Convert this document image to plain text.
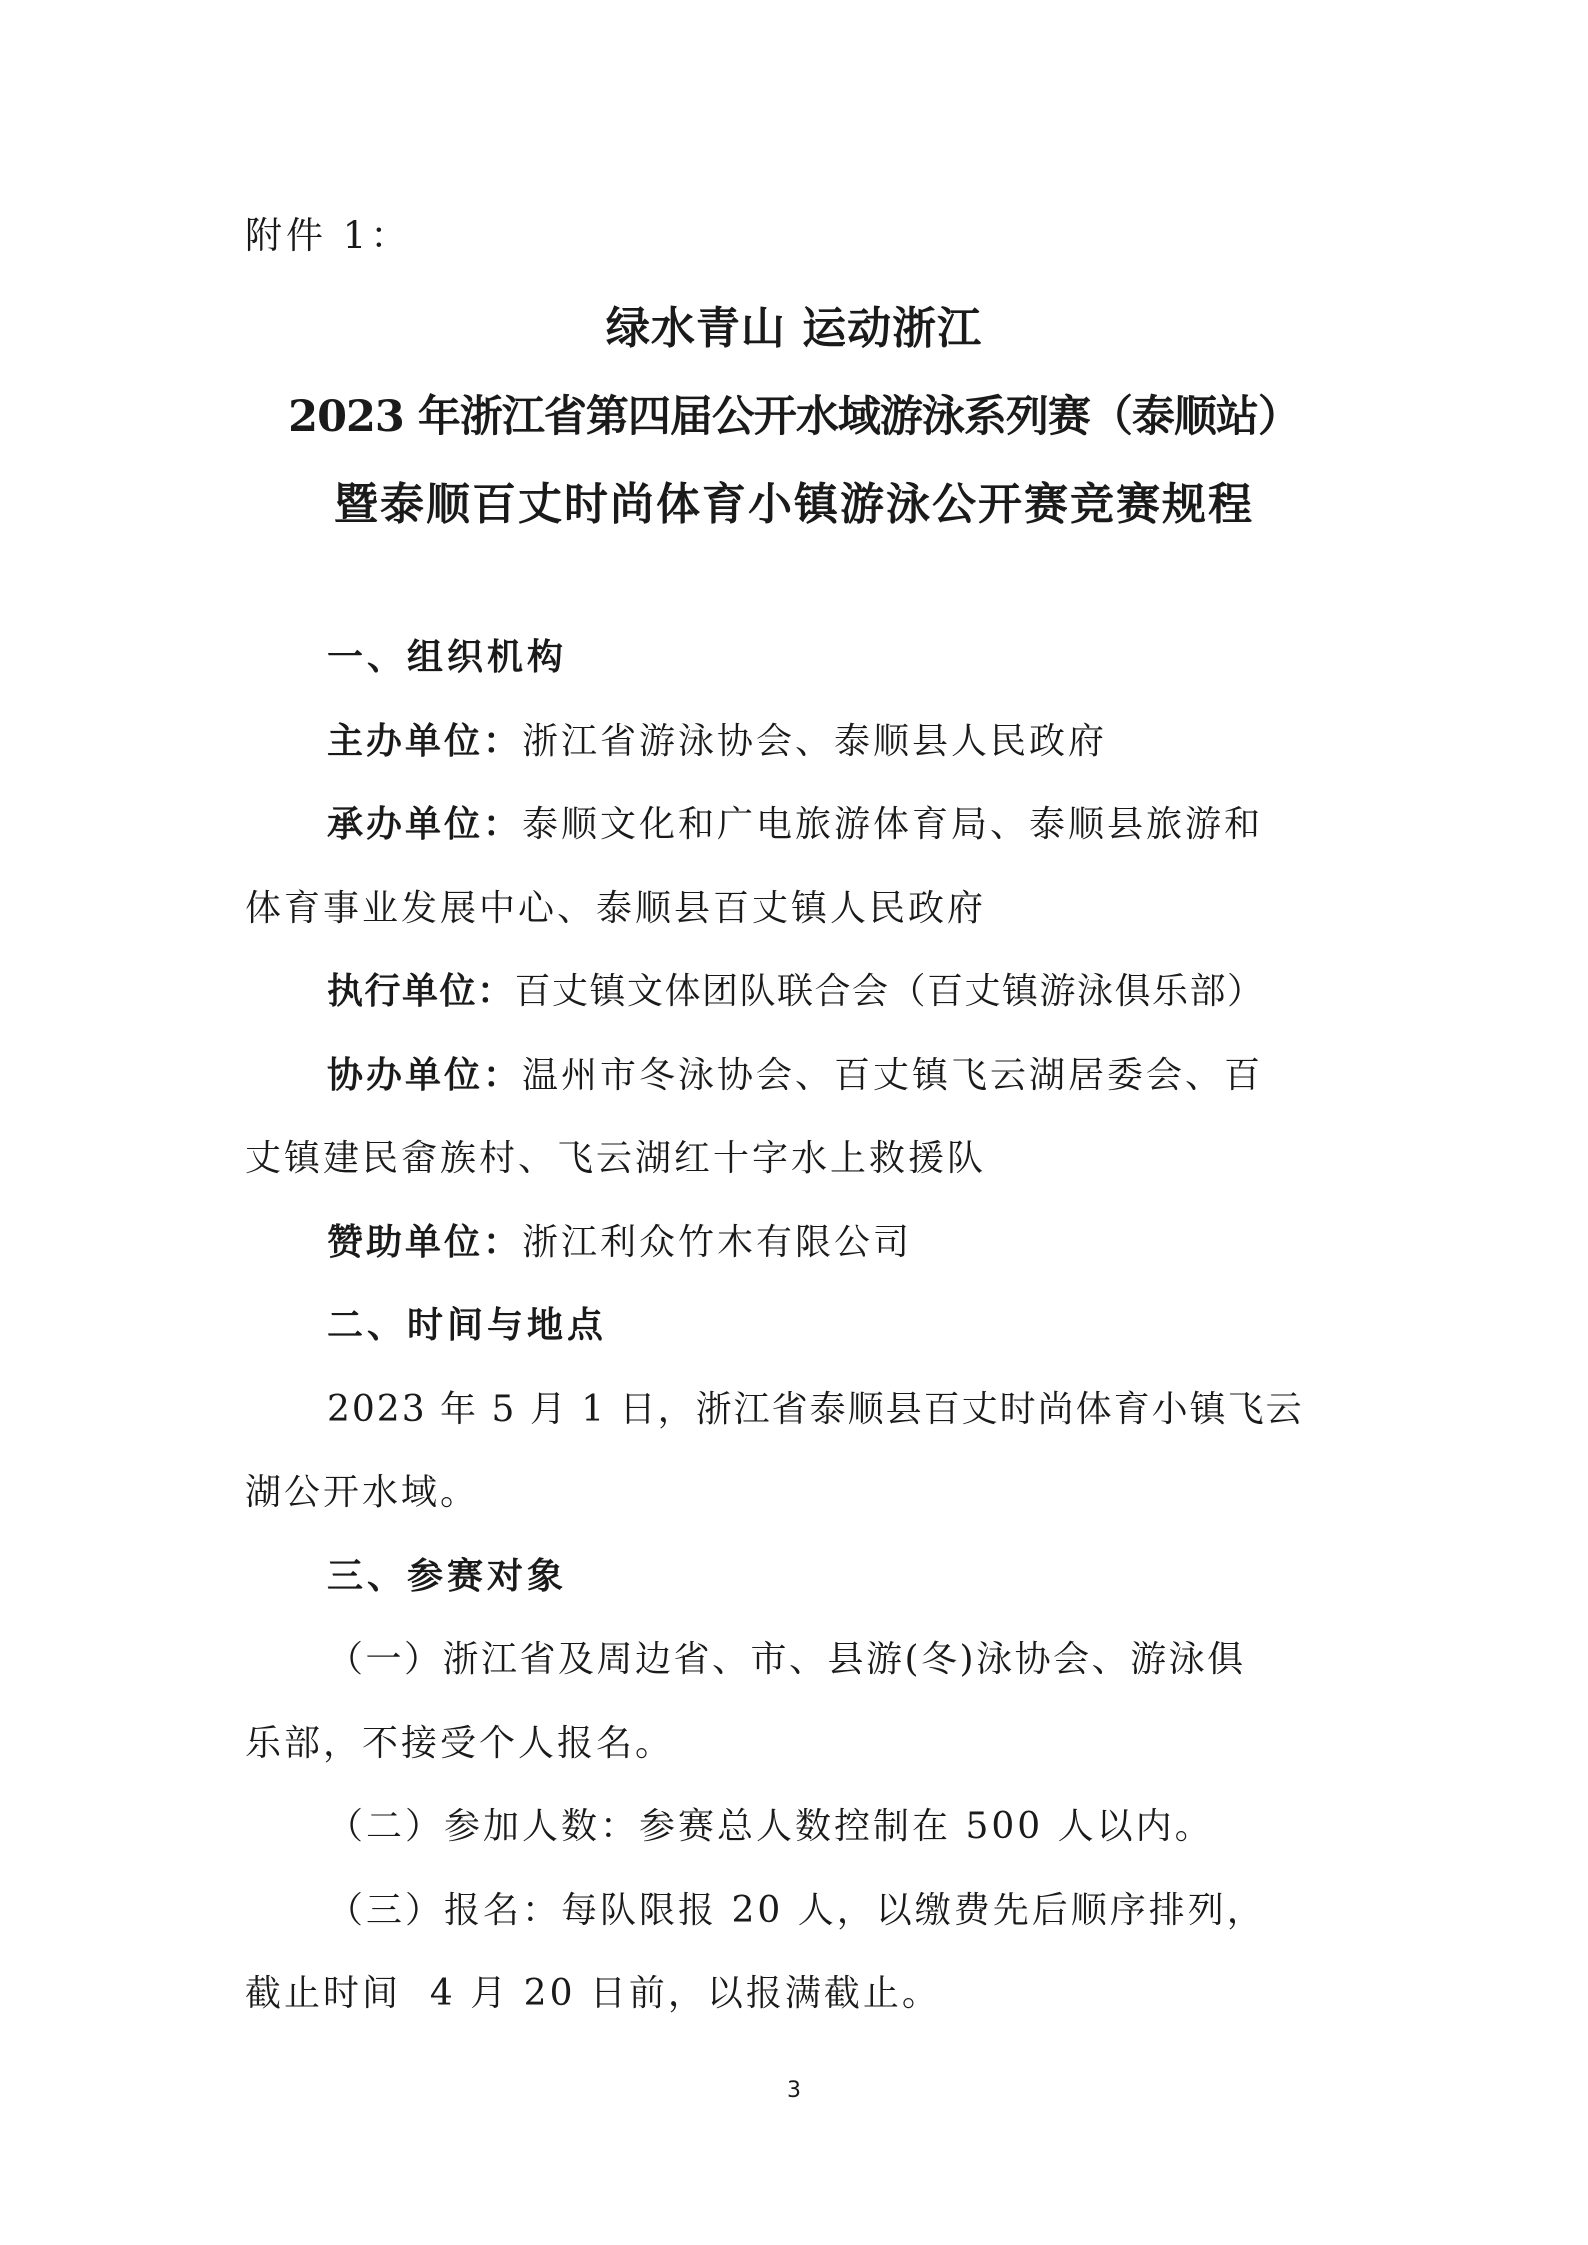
附件 1：
绿水青山 运动浙江
2023 年浙江省第四届公开水域游泳系列赛（泰顺站）
暨泰顺百丈时尚体育小镇游泳公开赛竞赛规程
一、组织机构
主办单位：浙江省游泳协会、泰顺县人民政府
承办单位：泰顺文化和广电旅游体育局、泰顺县旅游和
体育事业发展中心、泰顺县百丈镇人民政府
执行单位：百丈镇文体团队联合会（百丈镇游泳俱乐部）
协办单位：温州市冬泳协会、百丈镇飞云湖居委会、百
丈镇建民畲族村、飞云湖红十字水上救援队
赞助单位：浙江利众竹木有限公司
二、时间与地点
2023 年 5 月 1 日，浙江省泰顺县百丈时尚体育小镇飞云
湖公开水域。
三、参赛对象
（一）浙江省及周边省、市、县游(冬)泳协会、游泳俱
乐部，不接受个人报名。
（二）参加人数：参赛总人数控制在 500 人以内。
（三）报名：每队限报 20 人，以缴费先后顺序排列，
截止时间  4 月 20 日前，以报满截止。
3
